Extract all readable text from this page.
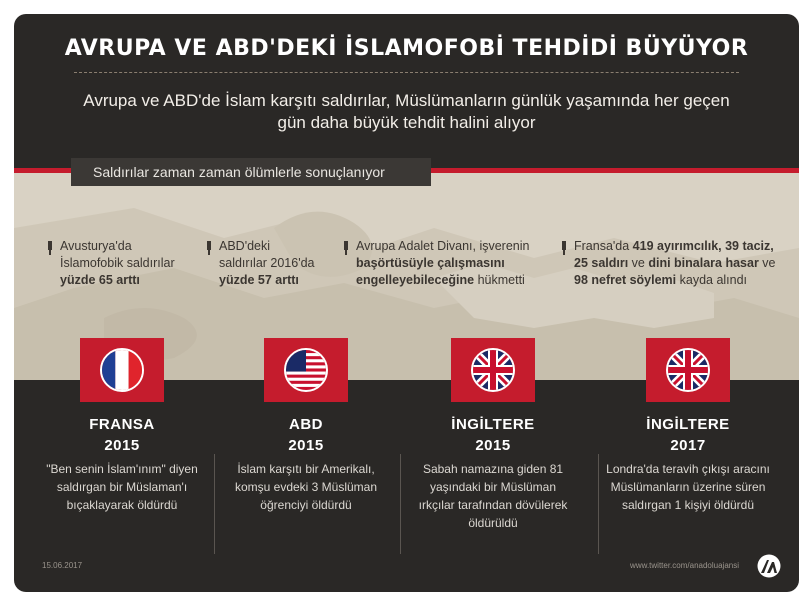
AVRUPA VE ABD'DEKİ İSLAMOFOBİ TEHDİDİ BÜYÜYOR
Avrupa ve ABD'de İslam karşıtı saldırılar, Müslümanların günlük yaşamında her geçen
gün daha büyük tehdit halini alıyor
Saldırılar zaman zaman ölümlerle sonuçlanıyor
Avusturya'da
İslamofobik saldırılar
yüzde 65 arttı
ABD'deki
saldırılar 2016'da
yüzde 57 arttı
Avrupa Adalet Divanı, işverenin
başörtüsüyle çalışmasını
engelleyebileceğine hükmetti
Fransa'da 419 ayırımcılık, 39 taciz,
25 saldırı ve dini binalara hasar ve
98 nefret söylemi kayda alındı
FRANSA
2015
ABD
2015
İNGİLTERE
2015
İNGİLTERE
2017
"Ben senin İslam'ınım" diyen
saldırgan bir Müslaman'ı
bıçaklayarak öldürdü
İslam karşıtı bir Amerikalı,
komşu evdeki 3 Müslüman
öğrenciyi öldürdü
Sabah namazına giden 81
yaşındaki bir Müslüman
ırkçılar tarafından dövülerek
öldürüldü
Londra'da teravih çıkışı aracını
Müslümanların üzerine süren
saldırgan 1 kişiyi öldürdü
15.06.2017	www.twitter.com/anadoluajansi
